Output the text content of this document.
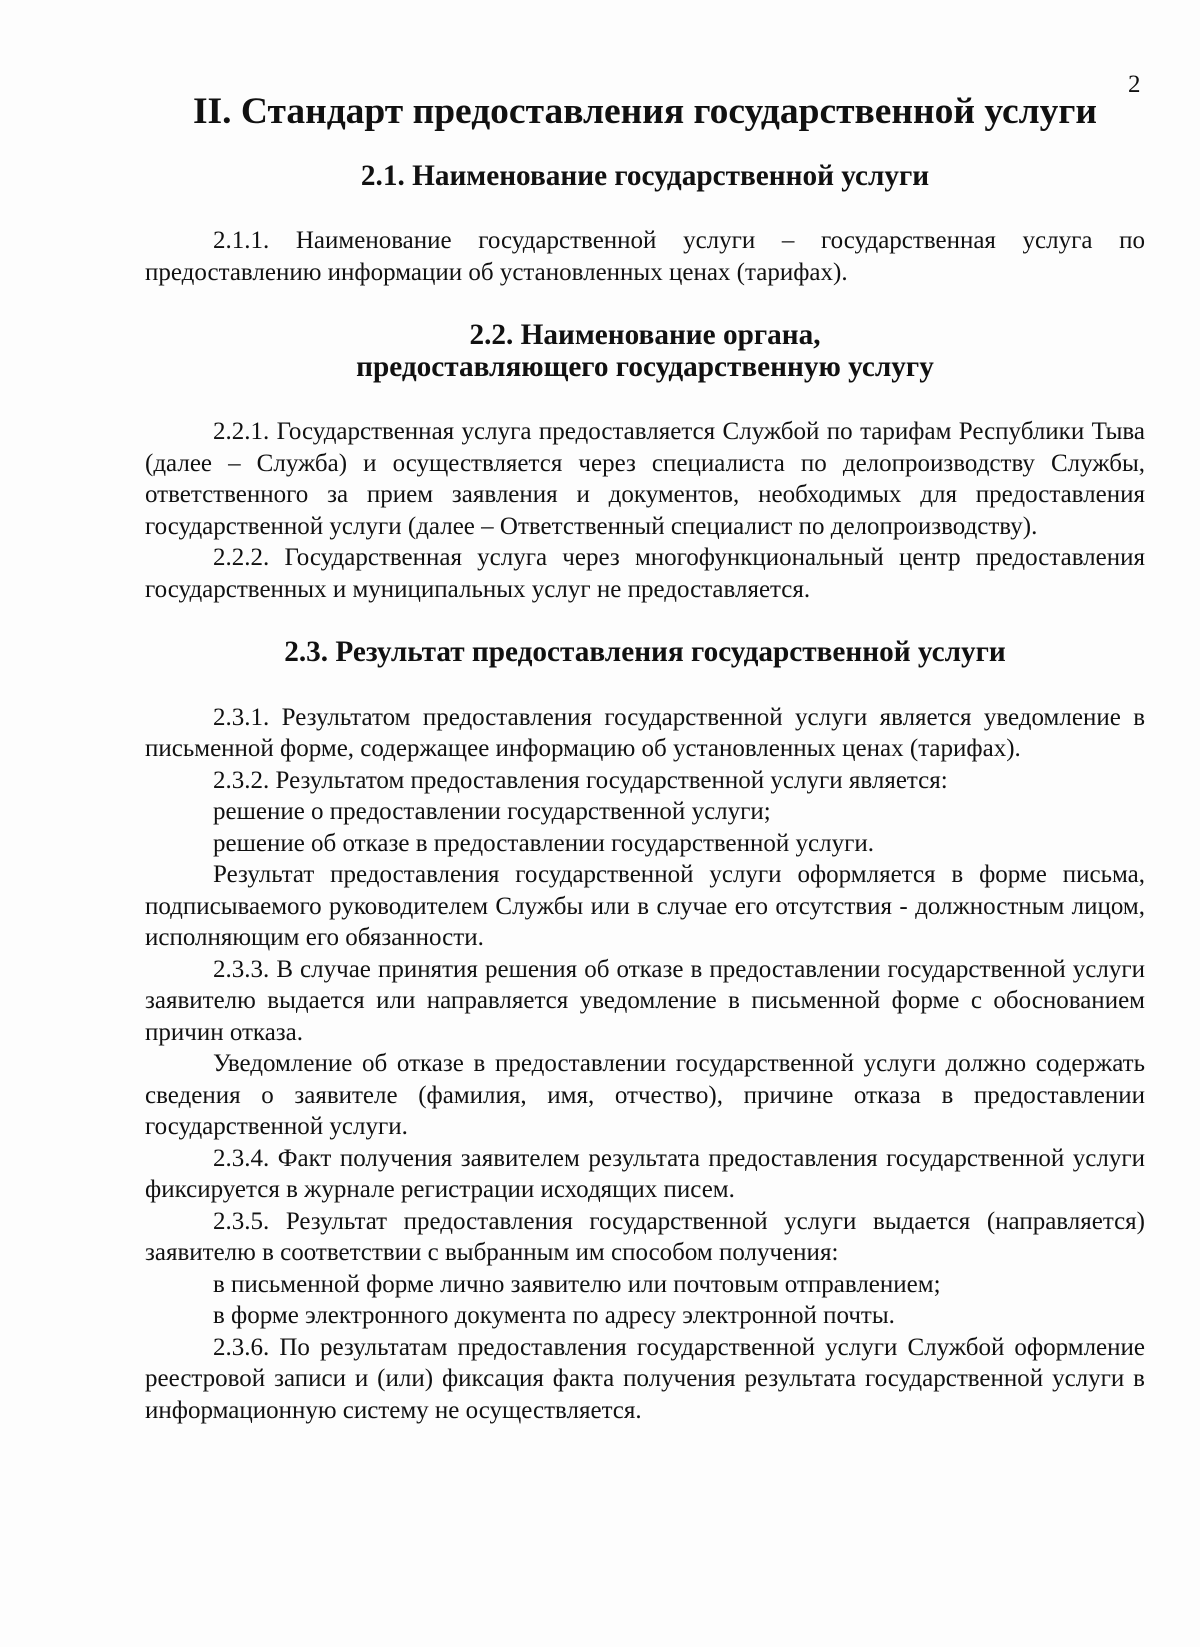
2
II. Стандарт предоставления государственной услуги
2.1. Наименование государственной услуги

2.1.1. Наименование государственной услуги – государственная услуга по предоставлению информации об установленных ценах (тарифах).

2.2. Наименование органа,
предоставляющего государственную услугу

2.2.1. Государственная услуга предоставляется Службой по тарифам Республики Тыва (далее – Служба) и осуществляется через специалиста по делопроизводству Службы, ответственного за прием заявления и документов, необходимых для предоставления государственной услуги (далее – Ответственный специалист по делопроизводству).

2.2.2. Государственная услуга через многофункциональный центр предоставления государственных и муниципальных услуг не предоставляется.

2.3. Результат предоставления государственной услуги

2.3.1. Результатом предоставления государственной услуги является уведомление в письменной форме, содержащее информацию об установленных ценах (тарифах).

2.3.2. Результатом предоставления государственной услуги является:

решение о предоставлении государственной услуги;

решение об отказе в предоставлении государственной услуги.

Результат предоставления государственной услуги оформляется в форме письма, подписываемого руководителем Службы или в случае его отсутствия - должностным лицом, исполняющим его обязанности.

2.3.3. В случае принятия решения об отказе в предоставлении государственной услуги заявителю выдается или направляется уведомление в письменной форме с обоснованием причин отказа.

Уведомление об отказе в предоставлении государственной услуги должно содержать сведения о заявителе (фамилия, имя, отчество), причине отказа в предоставлении государственной услуги.

2.3.4. Факт получения заявителем результата предоставления государственной услуги фиксируется в журнале регистрации исходящих писем.

2.3.5. Результат предоставления государственной услуги выдается (направляется) заявителю в соответствии с выбранным им способом получения:

в письменной форме лично заявителю или почтовым отправлением;

в форме электронного документа по адресу электронной почты.

2.3.6. По результатам предоставления государственной услуги Службой оформление реестровой записи и (или) фиксация факта получения результата государственной услуги в информационную систему не осуществляется.
